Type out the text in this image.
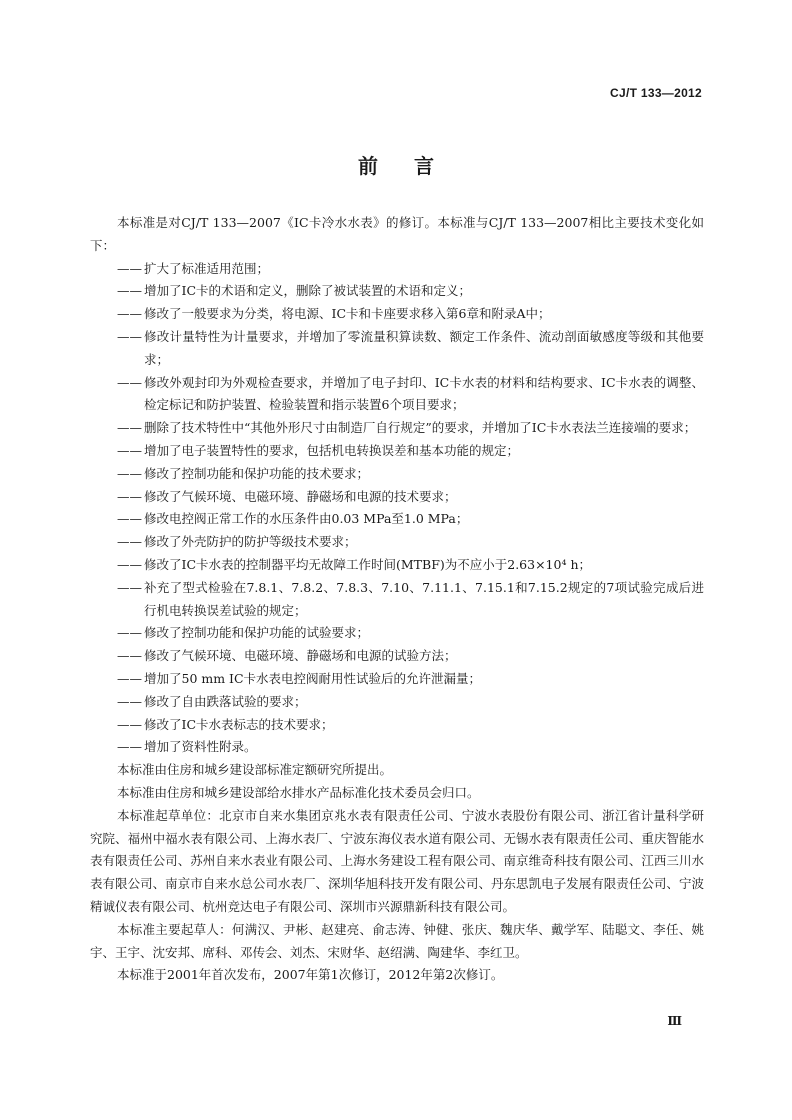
CJ/T 133—2012
前言

本标准是对CJ/T 133—2007《IC卡冷水水表》的修订。本标准与CJ/T 133—2007相比主要技术变化如下：

—— 扩大了标准适用范围；
—— 增加了IC卡的术语和定义，删除了被试装置的术语和定义；
—— 修改了一般要求为分类，将电源、IC卡和卡座要求移入第6章和附录A中；
—— 修改计量特性为计量要求，并增加了零流量积算读数、额定工作条件、流动剖面敏感度等级和其他要求；
—— 修改外观封印为外观检查要求，并增加了电子封印、IC卡水表的材料和结构要求、IC卡水表的调整、检定标记和防护装置、检验装置和指示装置6个项目要求；
—— 删除了技术特性中“其他外形尺寸由制造厂自行规定”的要求，并增加了IC卡水表法兰连接端的要求；
—— 增加了电子装置特性的要求，包括机电转换误差和基本功能的规定；
—— 修改了控制功能和保护功能的技术要求；
—— 修改了气候环境、电磁环境、静磁场和电源的技术要求；
—— 修改电控阀正常工作的水压条件由0.03 MPa至1.0 MPa；
—— 修改了外壳防护的防护等级技术要求；
—— 修改了IC卡水表的控制器平均无故障工作时间(MTBF)为不应小于2.63×10⁴ h；
—— 补充了型式检验在7.8.1、7.8.2、7.8.3、7.10、7.11.1、7.15.1和7.15.2规定的7项试验完成后进行机电转换误差试验的规定；
—— 修改了控制功能和保护功能的试验要求；
—— 修改了气候环境、电磁环境、静磁场和电源的试验方法；
—— 增加了50 mm IC卡水表电控阀耐用性试验后的允许泄漏量；
—— 修改了自由跌落试验的要求；
—— 修改了IC卡水表标志的技术要求；
—— 增加了资料性附录。

本标准由住房和城乡建设部标准定额研究所提出。

本标准由住房和城乡建设部给水排水产品标准化技术委员会归口。

本标准起草单位：北京市自来水集团京兆水表有限责任公司、宁波水表股份有限公司、浙江省计量科学研究院、福州中福水表有限公司、上海水表厂、宁波东海仪表水道有限公司、无锡水表有限责任公司、重庆智能水表有限责任公司、苏州自来水表业有限公司、上海水务建设工程有限公司、南京维奇科技有限公司、江西三川水表有限公司、南京市自来水总公司水表厂、深圳华旭科技开发有限公司、丹东思凯电子发展有限责任公司、宁波精诚仪表有限公司、杭州竞达电子有限公司、深圳市兴源鼎新科技有限公司。

本标准主要起草人：何满汉、尹彬、赵建亮、俞志涛、钟健、张庆、魏庆华、戴学军、陆聪文、李任、姚宇、王宇、沈安邦、席科、邓传会、刘杰、宋财华、赵绍满、陶建华、李红卫。

本标准于2001年首次发布，2007年第1次修订，2012年第2次修订。

Ⅲ
